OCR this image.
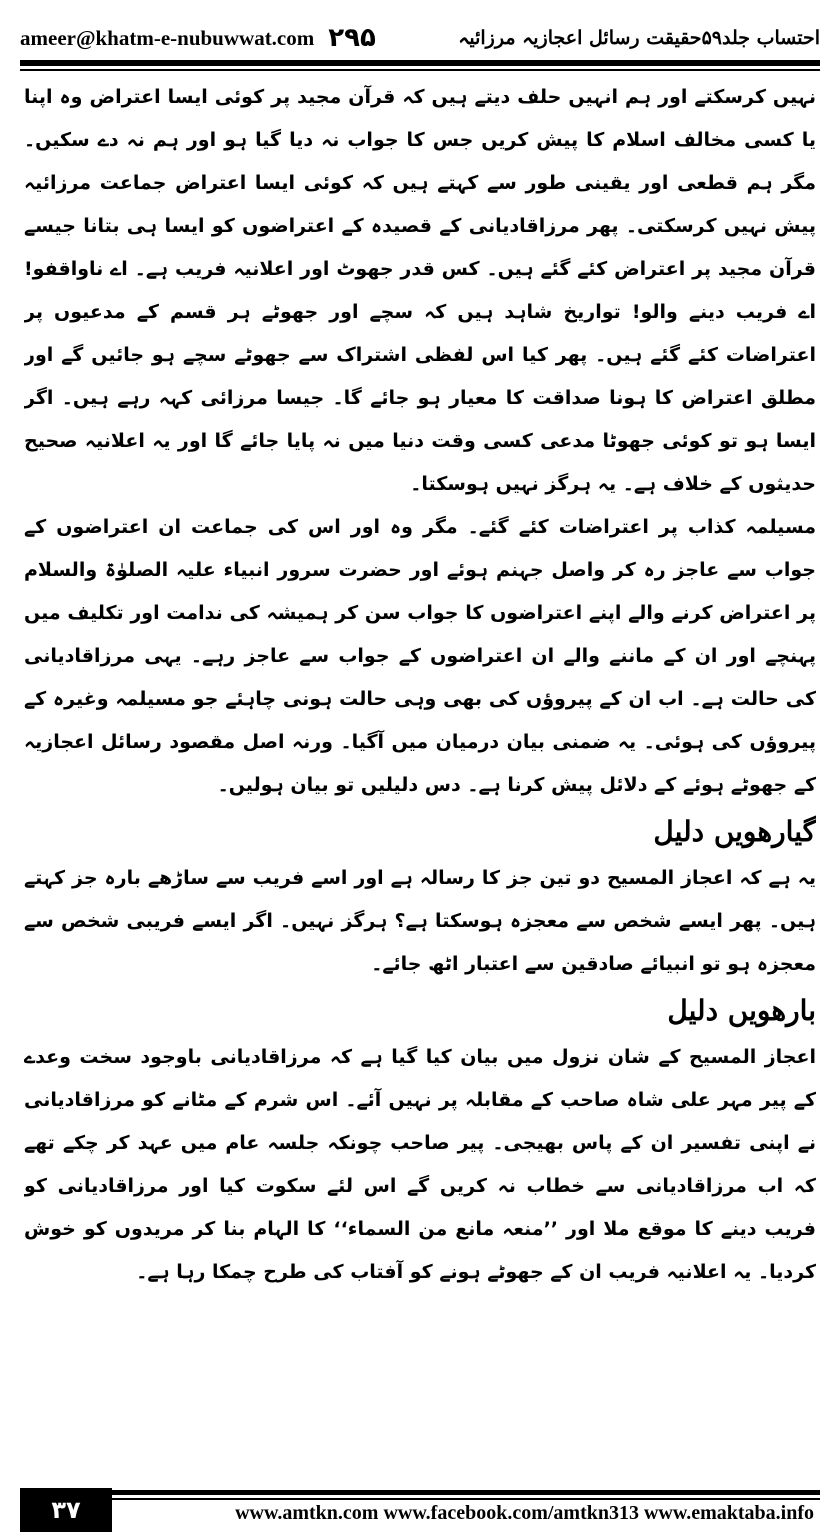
ameer@khatm-e-nubuwwat.com ۲۹۵	احتساب جلد۵۹حقیقت رسائل اعجازیہ مرزائیہ

نہیں کرسکتے اور ہم انہیں حلف دیتے ہیں کہ قرآن مجید پر کوئی ایسا اعتراض وہ اپنا یا کسی مخالف اسلام کا پیش کریں جس کا جواب نہ دیا گیا ہو اور ہم نہ دے سکیں۔ مگر ہم قطعی اور یقینی طور سے کہتے ہیں کہ کوئی ایسا اعتراض جماعت مرزائیہ پیش نہیں کرسکتی۔ پھر مرزاقادیانی کے قصیدہ کے اعتراضوں کو ایسا ہی بتانا جیسے قرآن مجید پر اعتراض کئے گئے ہیں۔ کس قدر جھوٹ اور اعلانیہ فریب ہے۔ اے ناواقفو! اے فریب دینے والو! تواریخ شاہد ہیں کہ سچے اور جھوٹے ہر قسم کے مدعیوں پر اعتراضات کئے گئے ہیں۔ پھر کیا اس لفظی اشتراک سے جھوٹے سچے ہو جائیں گے اور مطلق اعتراض کا ہونا صداقت کا معیار ہو جائے گا۔ جیسا مرزائی کہہ رہے ہیں۔ اگر ایسا ہو تو کوئی جھوٹا مدعی کسی وقت دنیا میں نہ پایا جائے گا اور یہ اعلانیہ صحیح حدیثوں کے خلاف ہے۔ یہ ہرگز نہیں ہوسکتا۔

مسیلمہ کذاب پر اعتراضات کئے گئے۔ مگر وہ اور اس کی جماعت ان اعتراضوں کے جواب سے عاجز رہ کر واصل جہنم ہوئے اور حضرت سرور انبیاء علیہ الصلوٰۃ والسلام پر اعتراض کرنے والے اپنے اعتراضوں کا جواب سن کر ہمیشہ کی ندامت اور تکلیف میں پہنچے اور ان کے ماننے والے ان اعتراضوں کے جواب سے عاجز رہے۔ یہی مرزاقادیانی کی حالت ہے۔ اب ان کے پیروؤں کی بھی وہی حالت ہونی چاہئے جو مسیلمہ وغیرہ کے پیروؤں کی ہوئی۔ یہ ضمنی بیان درمیان میں آگیا۔ ورنہ اصل مقصود رسائل اعجازیہ کے جھوٹے ہوئے کے دلائل پیش کرنا ہے۔ دس دلیلیں تو بیان ہولیں۔

گیارھویں دلیل

یہ ہے کہ اعجاز المسیح دو تین جز کا رسالہ ہے اور اسے فریب سے ساڑھے بارہ جز کہتے ہیں۔ پھر ایسے شخص سے معجزہ ہوسکتا ہے؟ ہرگز نہیں۔ اگر ایسے فریبی شخص سے معجزہ ہو تو انبیائے صادقین سے اعتبار اٹھ جائے۔

بارھویں دلیل

اعجاز المسیح کے شان نزول میں بیان کیا گیا ہے کہ مرزاقادیانی باوجود سخت وعدے کے پیر مہر علی شاہ صاحب کے مقابلہ پر نہیں آئے۔ اس شرم کے مٹانے کو مرزاقادیانی نے اپنی تفسیر ان کے پاس بھیجی۔ پیر صاحب چونکہ جلسہ عام میں عہد کر چکے تھے کہ اب مرزاقادیانی سے خطاب نہ کریں گے اس لئے سکوت کیا اور مرزاقادیانی کو فریب دینے کا موقع ملا اور ’’منعہ مانع من السماء‘‘ کا الہام بنا کر مریدوں کو خوش کردیا۔ یہ اعلانیہ فریب ان کے جھوٹے ہونے کو آفتاب کی طرح چمکا رہا ہے۔

۳۷	www.amtkn.com www.facebook.com/amtkn313 www.emaktaba.info
